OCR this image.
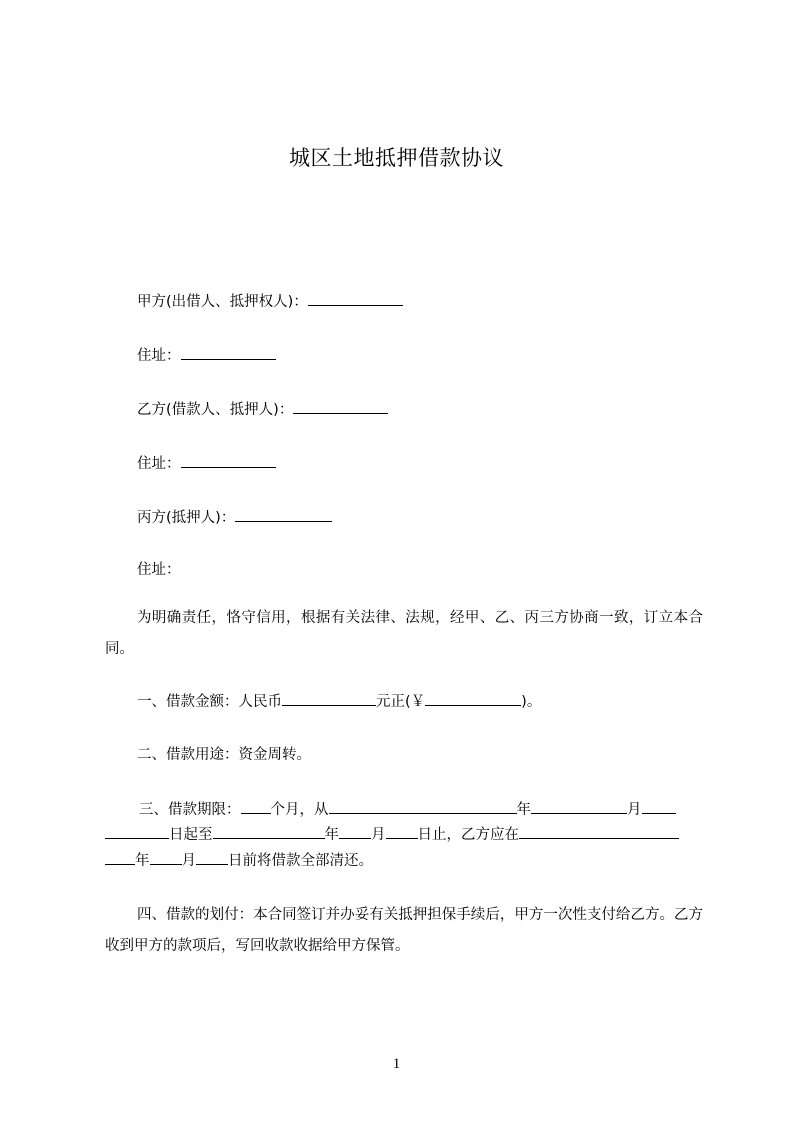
城区土地抵押借款协议
甲方(出借人、抵押权人)：
住址：
乙方(借款人、抵押人)：
住址：
丙方(抵押人)：
住址：
为明确责任，恪守信用，根据有关法律、法规，经甲、乙、丙三方协商一致，订立本合同。
一、借款金额：人民币	元正(￥	)。
二、借款用途：资金周转。
三、借款期限： 个月，从	年	月
日起至	年 月 日止，乙方应在
年 月 日前将借款全部清还。
四、借款的划付：本合同签订并办妥有关抵押担保手续后，甲方一次性支付给乙方。乙方收到甲方的款项后，写回收款收据给甲方保管。
1
